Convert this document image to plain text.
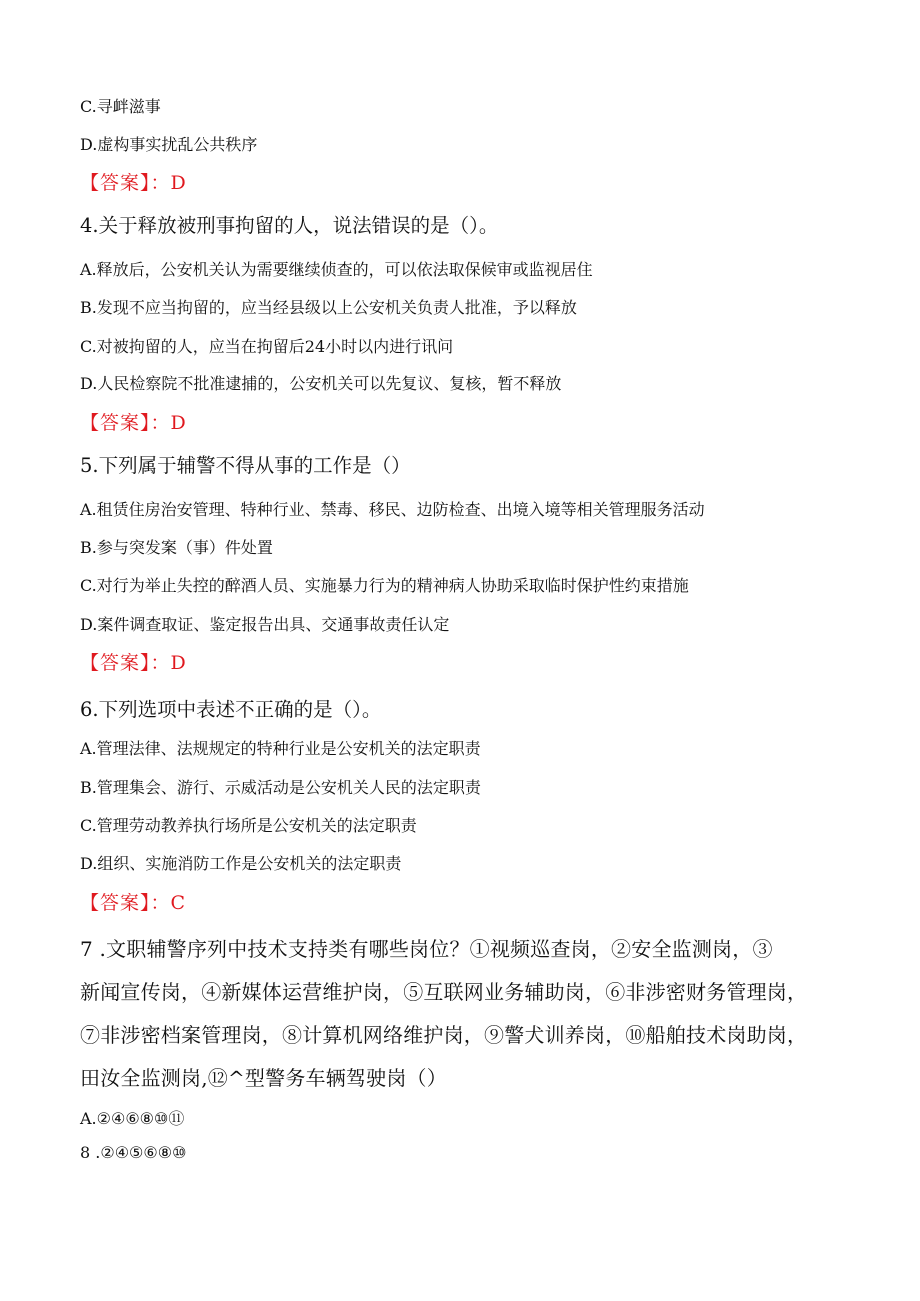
C.寻衅滋事
D.虚构事实扰乱公共秩序
【答案】：D
4.关于释放被刑事拘留的人，说法错误的是（）。
A.释放后，公安机关认为需要继续侦查的，可以依法取保候审或监视居住
B.发现不应当拘留的，应当经县级以上公安机关负责人批准，予以释放
C.对被拘留的人，应当在拘留后24小时以内进行讯问
D.人民检察院不批准逮捕的，公安机关可以先复议、复核，暂不释放
【答案】：D
5.下列属于辅警不得从事的工作是（）
A.租赁住房治安管理、特种行业、禁毒、移民、边防检查、出境入境等相关管理服务活动
B.参与突发案（事）件处置
C.对行为举止失控的醉酒人员、实施暴力行为的精神病人协助采取临时保护性约束措施
D.案件调查取证、鉴定报告出具、交通事故责任认定
【答案】：D
6.下列选项中表述不正确的是（）。
A.管理法律、法规规定的特种行业是公安机关的法定职责
B.管理集会、游行、示威活动是公安机关人民的法定职责
C.管理劳动教养执行场所是公安机关的法定职责
D.组织、实施消防工作是公安机关的法定职责
【答案】：C
7 .文职辅警序列中技术支持类有哪些岗位？①视频巡查岗，②安全监测岗，③
新闻宣传岗，④新媒体运营维护岗，⑤互联网业务辅助岗，⑥非涉密财务管理岗，
⑦非涉密档案管理岗，⑧计算机网络维护岗，⑨警犬训养岗，⑩船舶技术岗助岗，
田汝全监测岗,⑫^型警务车辆驾驶岗（）
A.②④⑥⑧⑩⑪
8 .②④⑤⑥⑧⑩
